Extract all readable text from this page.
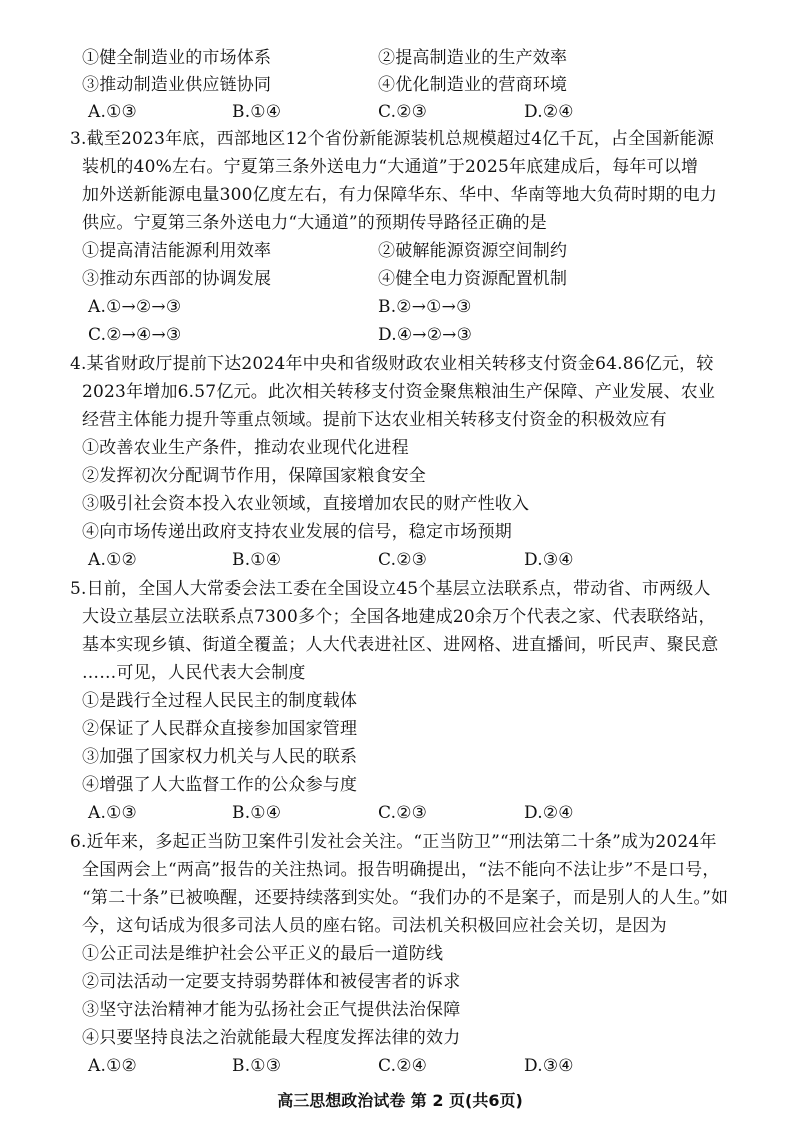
①健全制造业的市场体系	②提高制造业的生产效率
③推动制造业供应链协同	④优化制造业的营商环境
A.①③	B.①④	C.②③	D.②④
3.截至2023年底，西部地区12个省份新能源装机总规模超过4亿千瓦，占全国新能源
装机的40%左右。宁夏第三条外送电力“大通道”于2025年底建成后，每年可以增
加外送新能源电量300亿度左右，有力保障华东、华中、华南等地大负荷时期的电力
供应。宁夏第三条外送电力“大通道”的预期传导路径正确的是
①提高清洁能源利用效率	②破解能源资源空间制约
③推动东西部的协调发展	④健全电力资源配置机制
A.①→②→③	B.②→①→③
C.②→④→③	D.④→②→③
4.某省财政厅提前下达2024年中央和省级财政农业相关转移支付资金64.86亿元，较
2023年增加6.57亿元。此次相关转移支付资金聚焦粮油生产保障、产业发展、农业
经营主体能力提升等重点领域。提前下达农业相关转移支付资金的积极效应有
①改善农业生产条件，推动农业现代化进程
②发挥初次分配调节作用，保障国家粮食安全
③吸引社会资本投入农业领域，直接增加农民的财产性收入
④向市场传递出政府支持农业发展的信号，稳定市场预期
A.①②	B.①④	C.②③	D.③④
5.日前，全国人大常委会法工委在全国设立45个基层立法联系点，带动省、市两级人
大设立基层立法联系点7300多个；全国各地建成20余万个代表之家、代表联络站，
基本实现乡镇、街道全覆盖；人大代表进社区、进网格、进直播间，听民声、聚民意
……可见，人民代表大会制度
①是践行全过程人民民主的制度载体
②保证了人民群众直接参加国家管理
③加强了国家权力机关与人民的联系
④增强了人大监督工作的公众参与度
A.①③	B.①④	C.②③	D.②④
6.近年来，多起正当防卫案件引发社会关注。“正当防卫”“刑法第二十条”成为2024年
全国两会上“两高”报告的关注热词。报告明确提出，“法不能向不法让步”不是口号，
“第二十条”已被唤醒，还要持续落到实处。“我们办的不是案子，而是别人的人生。”如
今，这句话成为很多司法人员的座右铭。司法机关积极回应社会关切，是因为
①公正司法是维护社会公平正义的最后一道防线
②司法活动一定要支持弱势群体和被侵害者的诉求
③坚守法治精神才能为弘扬社会正气提供法治保障
④只要坚持良法之治就能最大程度发挥法律的效力
A.①②	B.①③	C.②④	D.③④
高三思想政治试卷 第 2 页(共6页)
